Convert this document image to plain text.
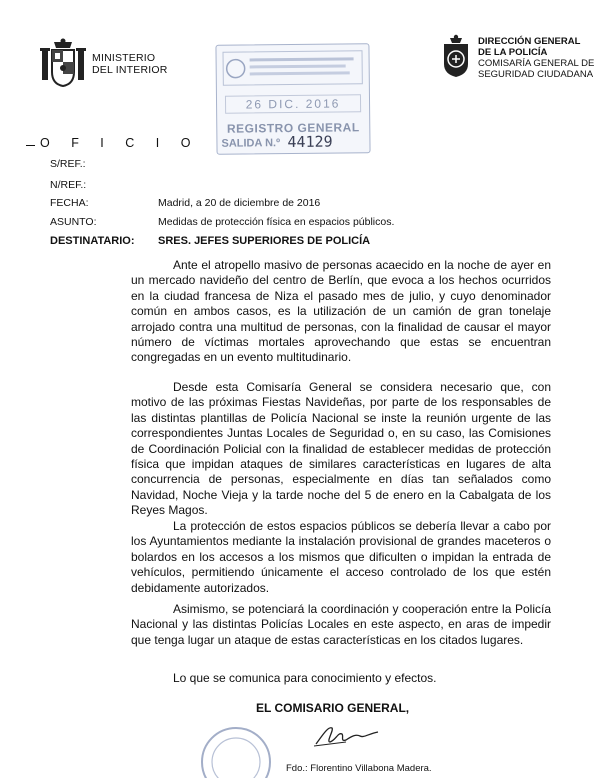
MINISTERIO
DEL INTERIOR
26 DIC. 2016
REGISTRO GENERAL
SALIDA N.º 44129
DIRECCIÓN GENERAL
DE LA POLICÍA
COMISARÍA GENERAL DE
SEGURIDAD CIUDADANA
O F I C I O
S/REF.:
N/REF.:
FECHA:	Madrid, a 20 de diciembre de 2016
ASUNTO:	Medidas de protección física en espacios públicos.
DESTINATARIO: SRES. JEFES SUPERIORES DE POLICÍA

Ante el atropello masivo de personas acaecido en la noche de ayer en un mercado navideño del centro de Berlín, que evoca a los hechos ocurridos en la ciudad francesa de Niza el pasado mes de julio, y cuyo denominador común en ambos casos, es la utilización de un camión de gran tonelaje arrojado contra una multitud de personas, con la finalidad de causar el mayor número de víctimas mortales aprovechando que estas se encuentran congregadas en un evento multitudinario.

Desde esta Comisaría General se considera necesario que, con motivo de las próximas Fiestas Navideñas, por parte de los responsables de las distintas plantillas de Policía Nacional se inste la reunión urgente de las correspondientes Juntas Locales de Seguridad o, en su caso, las Comisiones de Coordinación Policial con la finalidad de establecer medidas de protección física que impidan ataques de similares características en lugares de alta concurrencia de personas, especialmente en días tan señalados como Navidad, Noche Vieja y la tarde noche del 5 de enero en la Cabalgata de los Reyes Magos.

La protección de estos espacios públicos se debería llevar a cabo por los Ayuntamientos mediante la instalación provisional de grandes maceteros o bolardos en los accesos a los mismos que dificulten o impidan la entrada de vehículos, permitiendo únicamente el acceso controlado de los que estén debidamente autorizados.

Asimismo, se potenciará la coordinación y cooperación entre la Policía Nacional y las distintas Policías Locales en este aspecto, en aras de impedir que tenga lugar un ataque de estas características en los citados lugares.

Lo que se comunica para conocimiento y efectos.

EL COMISARIO GENERAL,
Fdo.: Florentino Villabona Madera.
